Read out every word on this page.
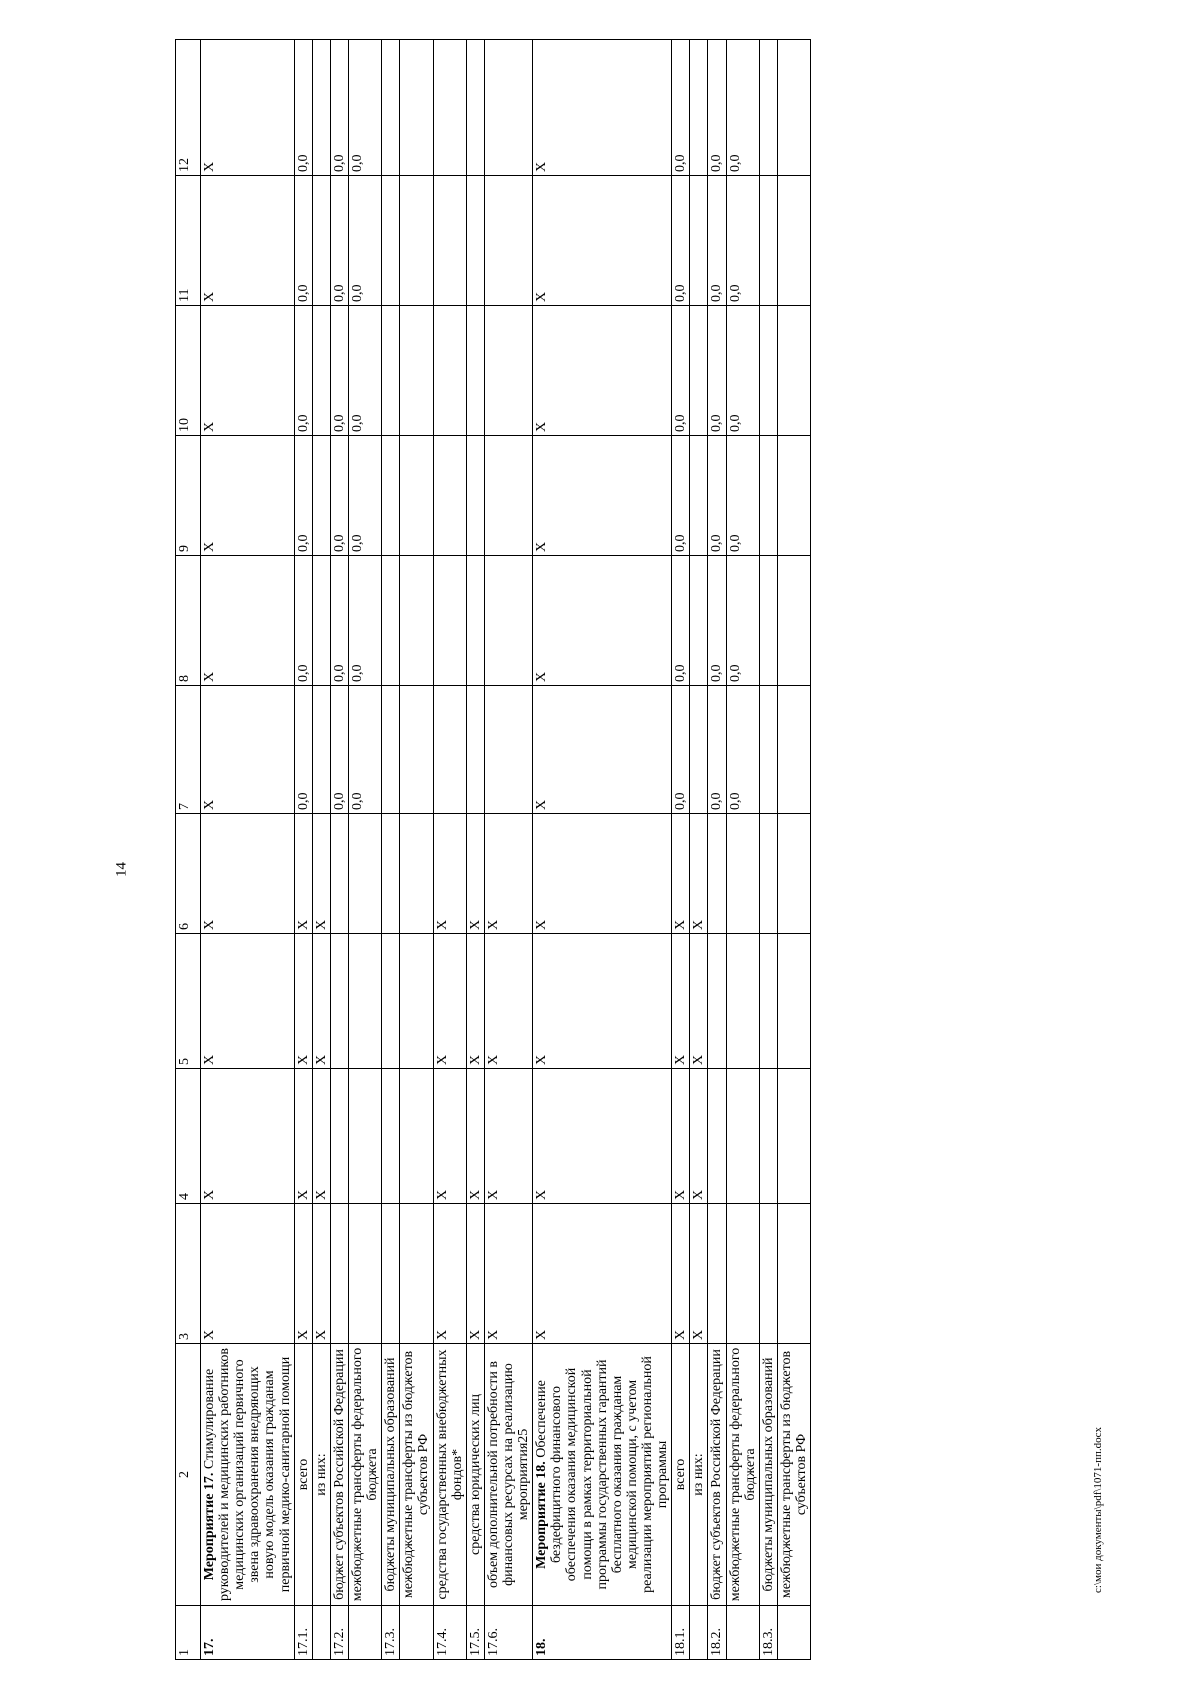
14
1	2	3	4	5	6	7	8	9	10	11	12
17.	Мероприятие 17. Стимулирование руководителей и медицинских работников медицинских организаций первичного звена здравоохранения внедряющих новую модель оказания гражданам первичной медико-санитарной помощи	X	X	X	X	X	X	X	X	X	X
17.1.	всего	X	X	X	X	0,0	0,0	0,0	0,0	0,0	0,0
	из них:	X	X	X	X						
17.2.	бюджет субъектов Российской Федерации					0,0	0,0	0,0	0,0	0,0	0,0
	межбюджетные трансферты федерального бюджета					0,0	0,0	0,0	0,0	0,0	0,0
17.3.	бюджеты муниципальных образований										
	межбюджетные трансферты из бюджетов субъектов РФ										
17.4.	средства государственных внебюджетных фондов*	X	X	X	X						
17.5.	средства юридических лиц	X	X	X	X						
17.6.	объем дополнительной потребности в финансовых ресурсах на реализацию мероприятия25	X	X	X	X						
18.	Мероприятие 18. Обеспечение бездефицитного финансового обеспечения оказания медицинской помощи в рамках территориальной программы государственных гарантий бесплатного оказания гражданам медицинской помощи, с учетом реализации мероприятий региональной программы	X	X	X	X	X	X	X	X	X	X
18.1.	всего	X	X	X	X	0,0	0,0	0,0	0,0	0,0	0,0
	из них:	X	X	X	X						
18.2.	бюджет субъектов Российской Федерации					0,0	0,0	0,0	0,0	0,0	0,0
	межбюджетные трансферты федерального бюджета					0,0	0,0	0,0	0,0	0,0	0,0
18.3.	бюджеты муниципальных образований										
	межбюджетные трансферты из бюджетов субъектов РФ											c:\мои документы\pdf\1071-пп.docx
